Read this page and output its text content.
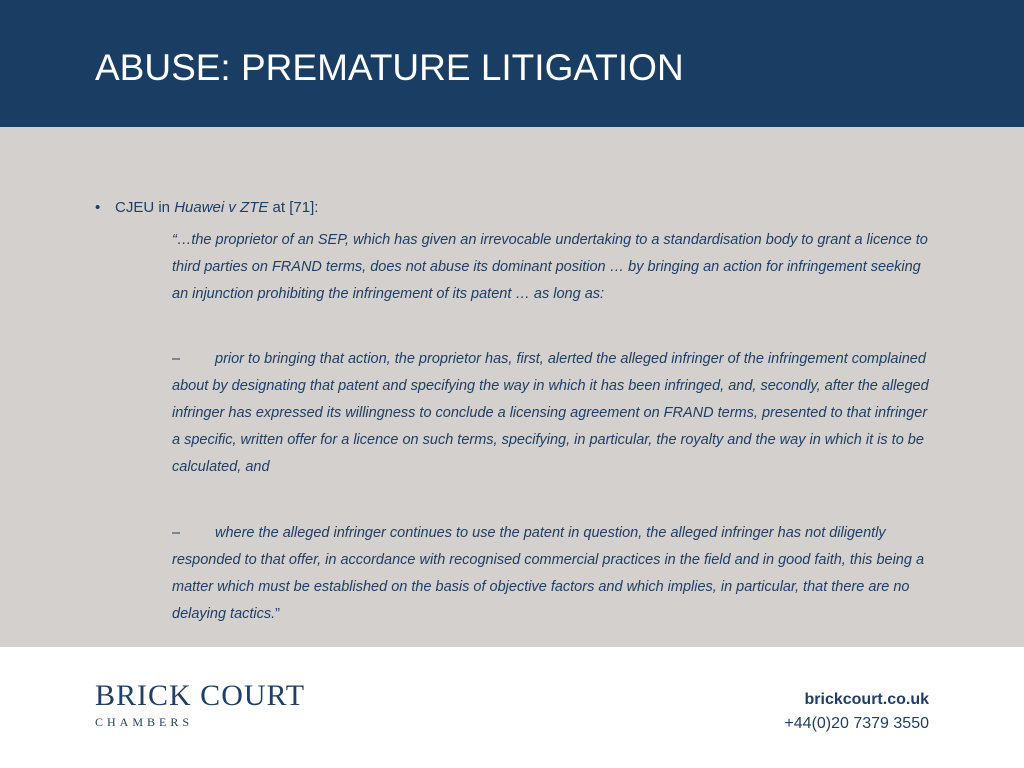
ABUSE: PREMATURE LITIGATION
• CJEU in Huawei v ZTE at [71]:

“…the proprietor of an SEP, which has given an irrevocable undertaking to a standardisation body to grant a licence to third parties on FRAND terms, does not abuse its dominant position … by bringing an action for infringement seeking an injunction prohibiting the infringement of its patent … as long as:

– prior to bringing that action, the proprietor has, first, alerted the alleged infringer of the infringement complained about by designating that patent and specifying the way in which it has been infringed, and, secondly, after the alleged infringer has expressed its willingness to conclude a licensing agreement on FRAND terms, presented to that infringer a specific, written offer for a licence on such terms, specifying, in particular, the royalty and the way in which it is to be calculated, and

– where the alleged infringer continues to use the patent in question, the alleged infringer has not diligently responded to that offer, in accordance with recognised commercial practices in the field and in good faith, this being a matter which must be established on the basis of objective factors and which implies, in particular, that there are no delaying tactics.”

BRICK COURT
CHAMBERS
brickcourt.co.uk
+44(0)20 7379 3550
